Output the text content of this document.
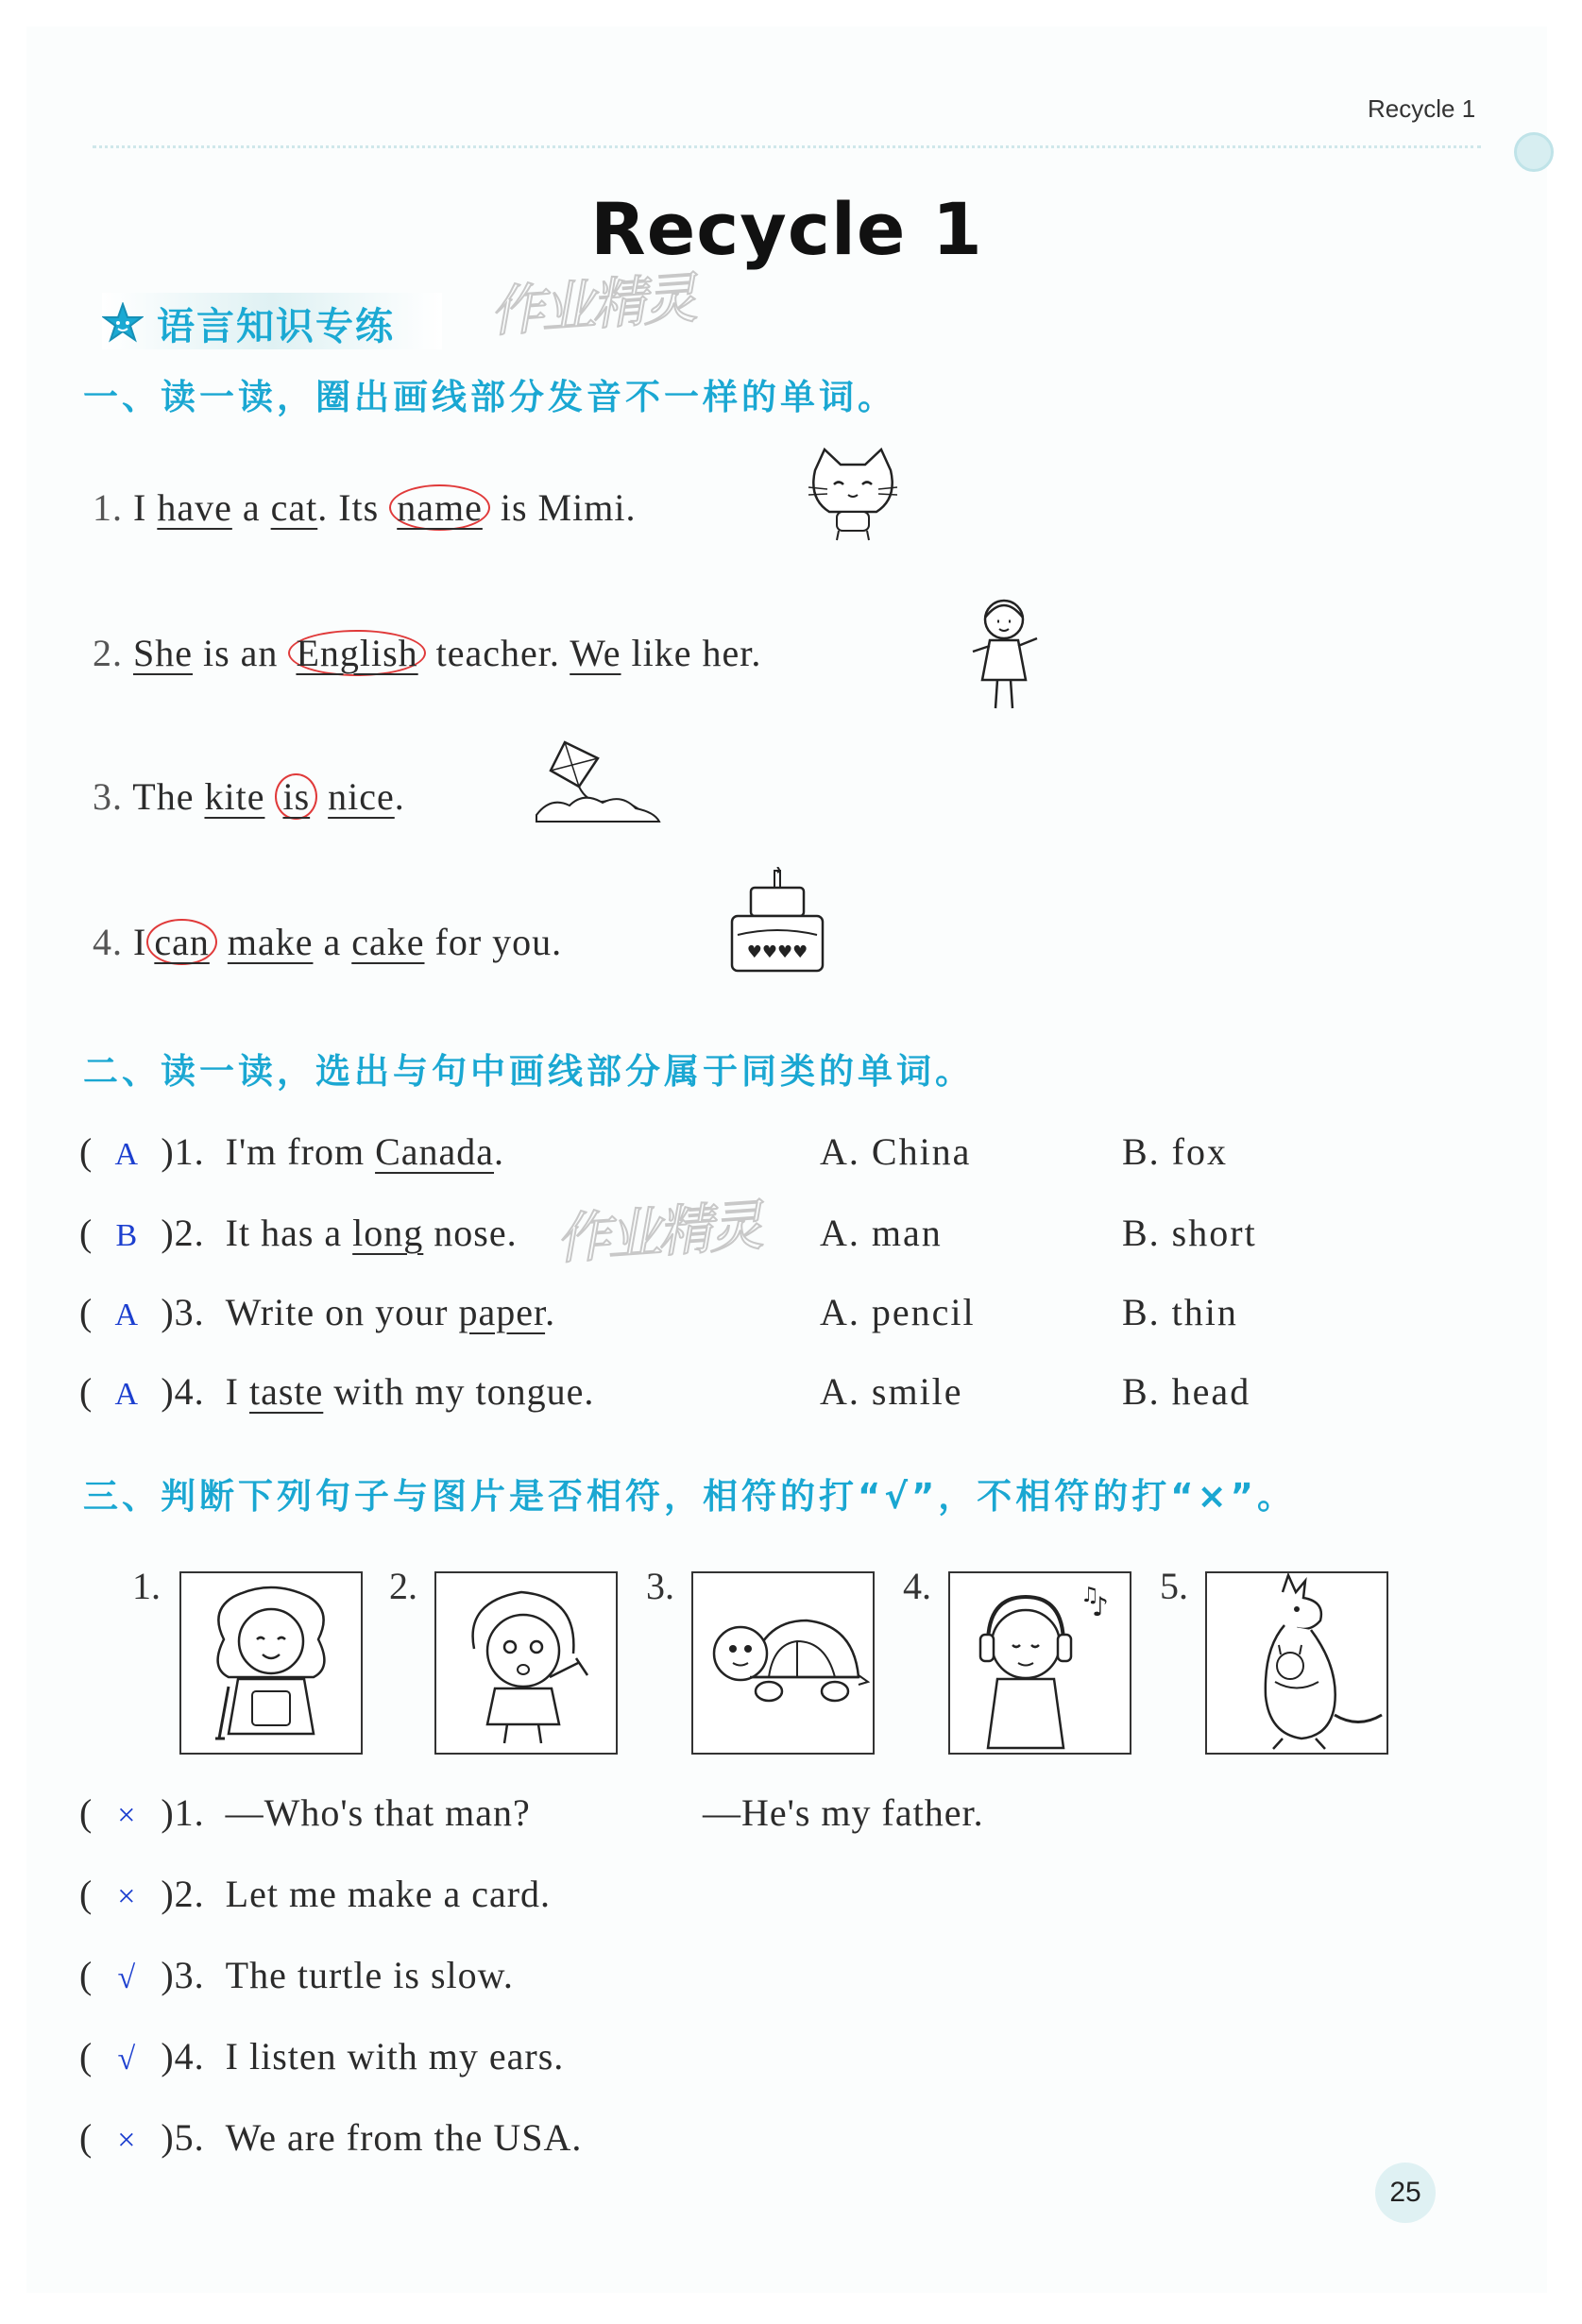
Recycle 1
Recycle 1
语言知识专练 作业精灵
作业精灵
一、读一读，圈出画线部分发音不一样的单词。
1. I have a cat. Its name is Mimi.
2. She is an English teacher. We like her.
3. The kite is nice.
4. I can make a cake for you.	♥♥♥♥
二、读一读，选出与句中画线部分属于同类的单词。
( A )1. I'm from Canada.	A. China	B. fox
( B )2. It has a long nose.	A. man	B. short
( A )3. Write on your paper.	A. pencil	B. thin
( A )4. I taste with my tongue.	A. smile	B. head
三、判断下列句子与图片是否相符，相符的打“√”，不相符的打“×”。
1.	2.	3.	4.	♪
♫ 5.
( × )1. —Who's that man?	—He's my father.
( × )2. Let me make a card.
( √ )3. The turtle is slow.
( √ )4. I listen with my ears.
( × )5. We are from the USA.
25
